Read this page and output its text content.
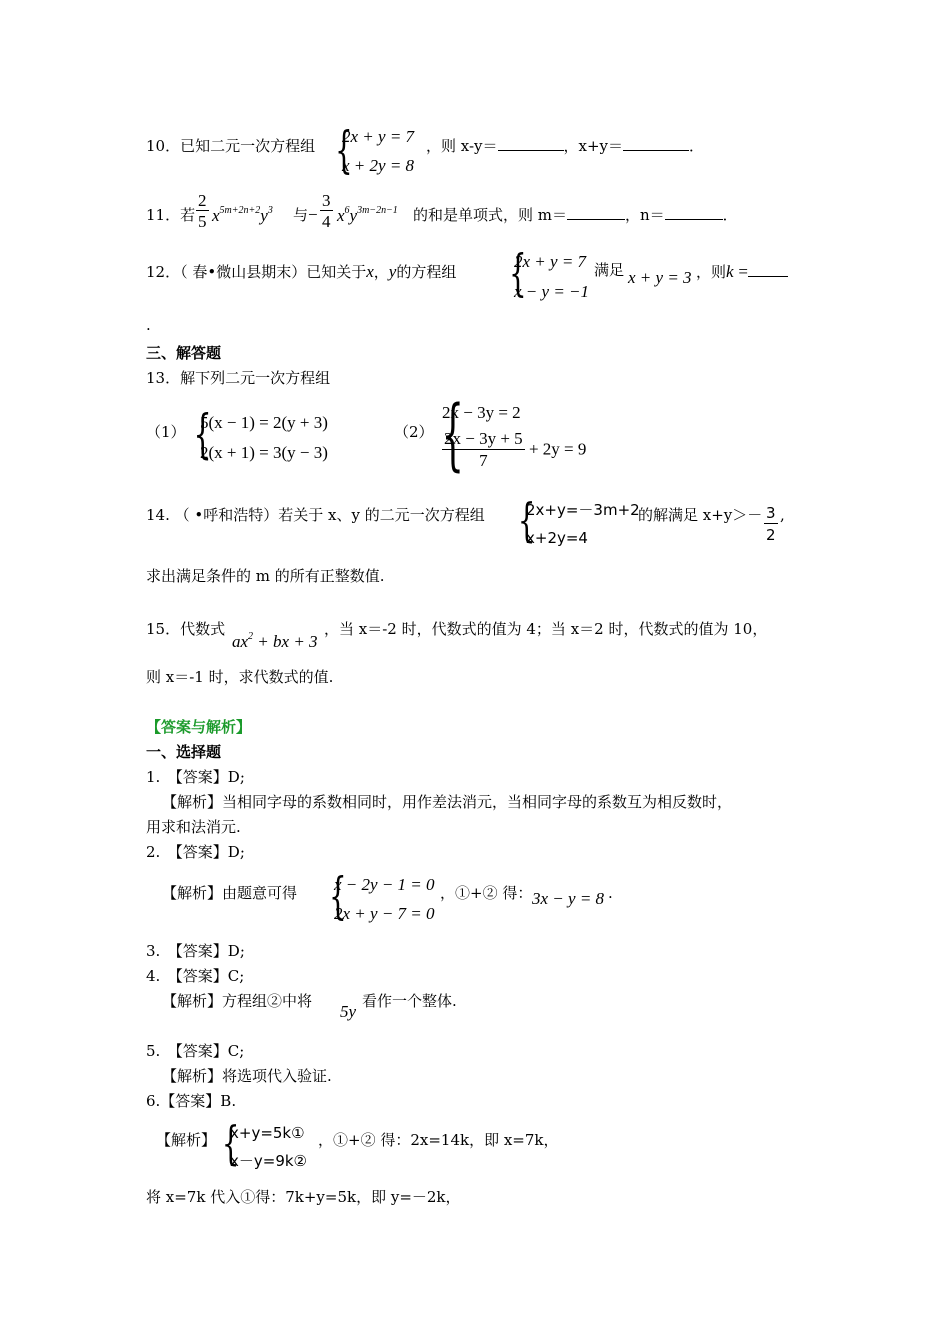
10．已知二元一次方程组 {
2x + y = 7
x + 2y = 8
，则 x-y＝	，x+y＝	．
11．若 $\frac{2}{5} x^{5m+2n+2}y^3$ 与 − $\frac{3}{4} x^6y^{3m-2n-1}$ 的和是单项式，则 m＝	，n＝	．
12．（ 春•微山县期末）已知关于x，y的方程组 {
2x + y = 7
x − y = −1
满足 x + y = 3 ，则k =
.
三、解答题
13．解下列二元一次方程组
（1） {
5(x − 1) = 2(y + 3)
2(x + 1) = 3(y − 3)
（2） {
2x − 3y = 2
$\frac{2x - 3y + 5}{7} + 2y = 9$
14. （ •呼和浩特）若关于 x、y 的二元一次方程组 {
2x+y=－3m+2
x+2y=4
的解满足 $x+y>- \frac{3}{2}$ ,
求出满足条件的 m 的所有正整数值.
15．代数式
$ax^2$ + bx + 3
，当 x＝-2 时，代数式的值为 4；当 x＝2 时，代数式的值为 10，
则 x＝-1 时，求代数式的值.
【答案与解析】
一、选择题
1.　【答案】D;
【解析】当相同字母的系数相同时，用作差法消元，当相同字母的系数互为相反数时，
用求和法消元.
2.　【答案】D;
【解析】由题意可得 {
x − 2y − 1 = 0
2x + y − 7 = 0
，①+② 得： 3x − y = 8 .
3.　【答案】D;
4.　【答案】C;
【解析】方程组②中将
5y
看作一个整体.
5.　【答案】C;
【解析】将选项代入验证.
6.【答案】B.
【解析】 {
x+y=5k①
x－y=9k②
，①+② 得：2x=14k，即 x=7k，
将 x=7k 代入①得：7k+y=5k，即 y=－2k，
